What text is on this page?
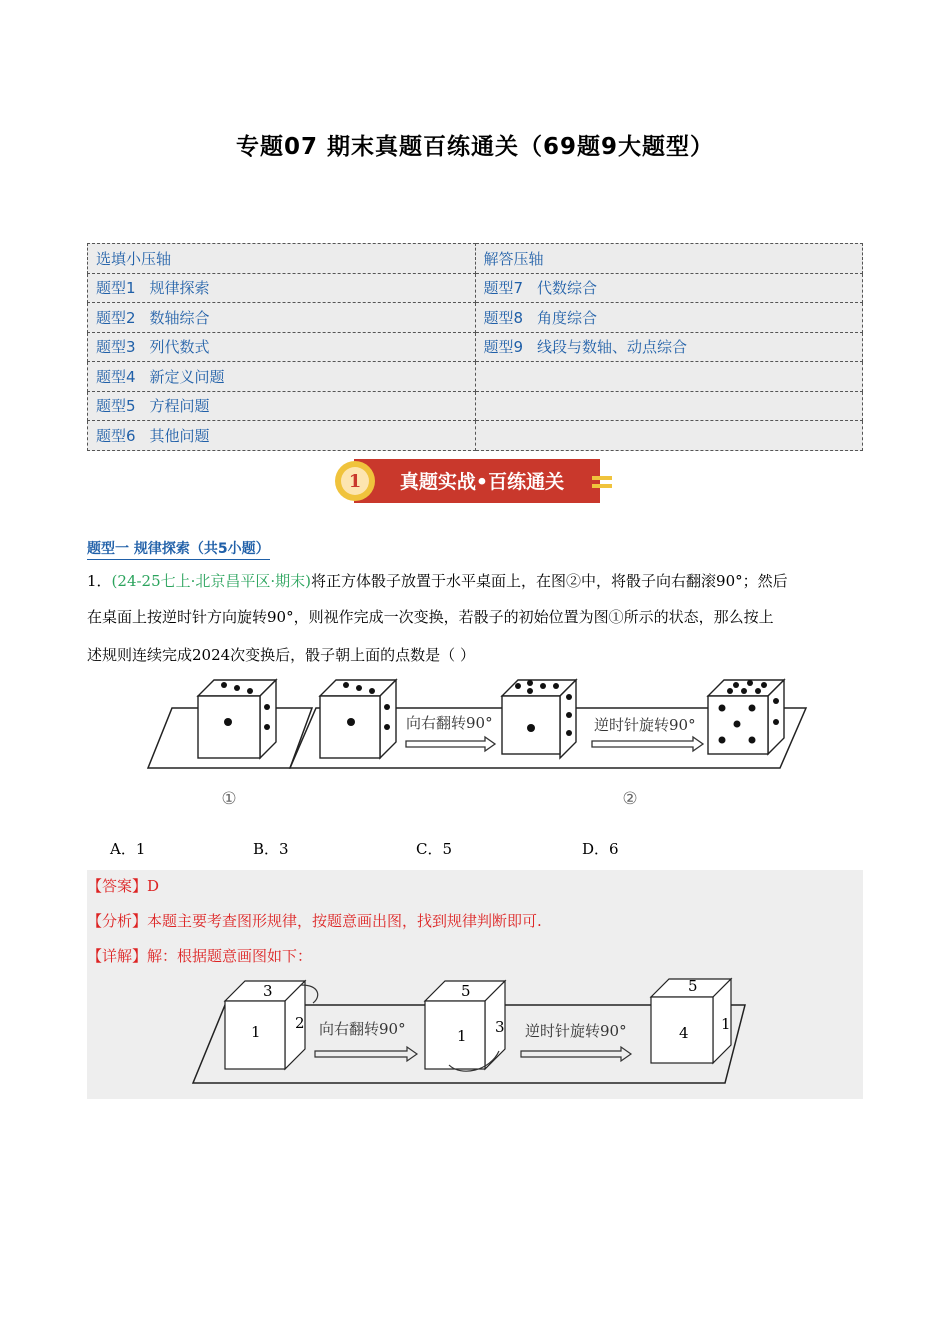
专题07 期末真题百练通关（69题9大题型）
选填小压轴	解答压轴
题型1 规律探索	题型7 代数综合
题型2 数轴综合	题型8 角度综合
题型3 列代数式	题型9 线段与数轴、动点综合
题型4 新定义问题	
题型5 方程问题	
题型6 其他问题	
1 真题实战•百练通关
题型一 规律探索（共5小题）
1．(24-25七上·北京昌平区·期末)将正方体骰子放置于水平桌面上，在图②中，将骰子向右翻滚90°；然后
在桌面上按逆时针方向旋转90°，则视作完成一次变换，若骰子的初始位置为图①所示的状态，那么按上
述规则连续完成2024次变换后，骰子朝上面的点数是（ ）
向右翻转90°	逆时针旋转90°
①	②
A．1	B．3	C．5	D．6
【答案】D
【分析】本题主要考查图形规律，按题意画出图，找到规律判断即可.
【详解】解：根据题意画图如下：
3
1 2 向右翻转90°
5
1 3 逆时针旋转90°
5
4 1
